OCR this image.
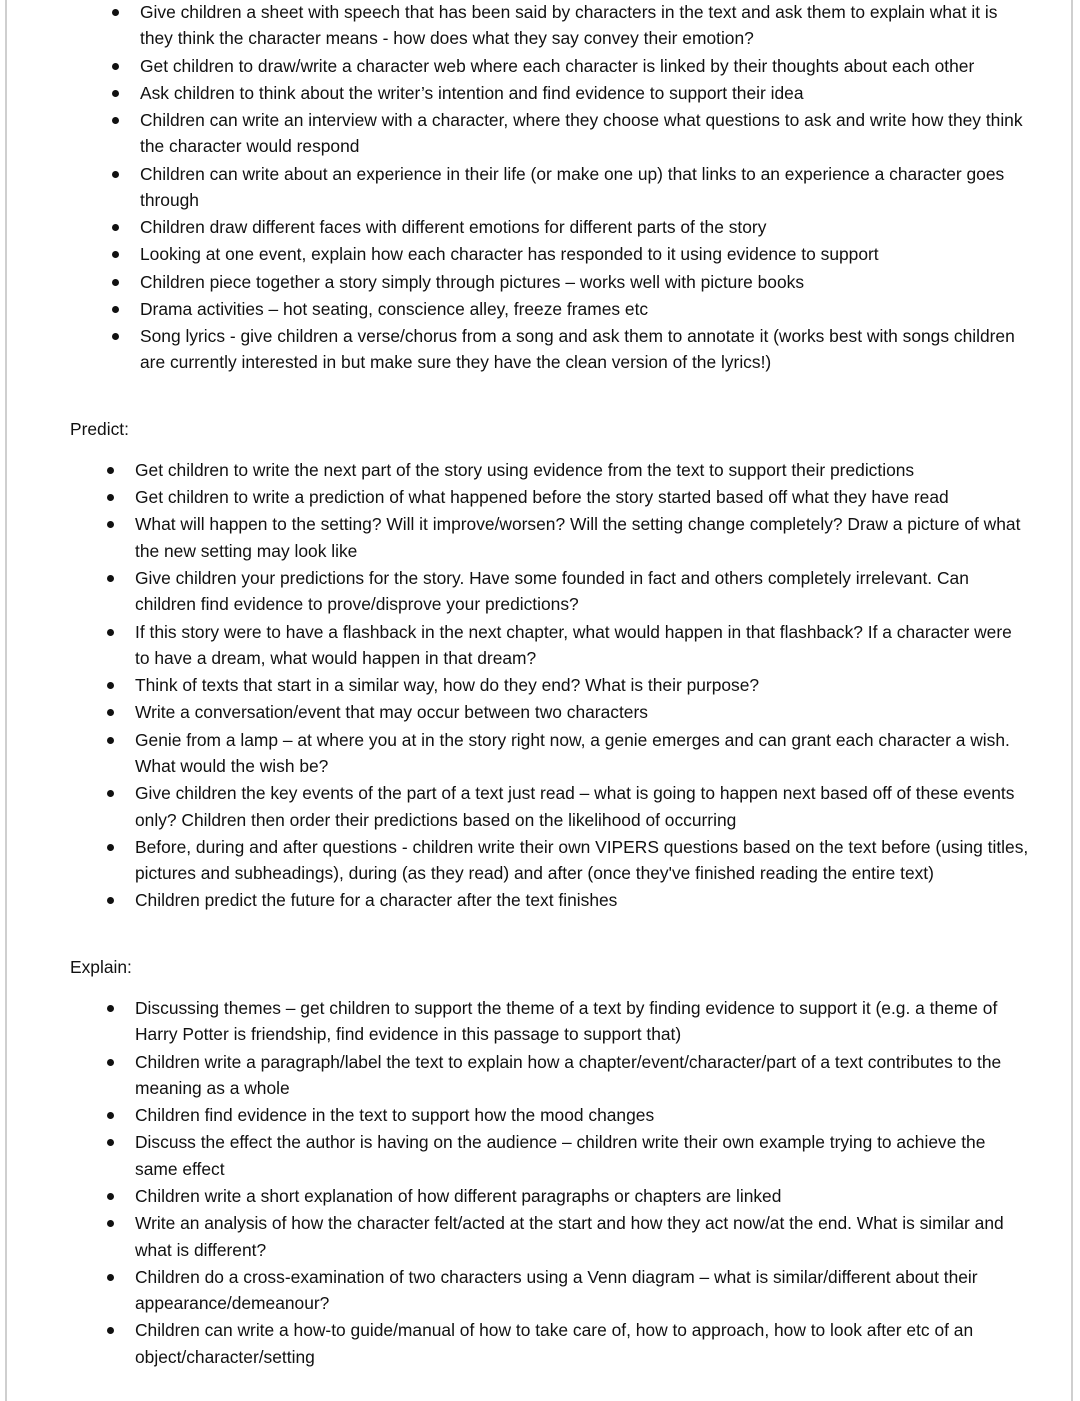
Give children a sheet with speech that has been said by characters in the text and ask them to explain what it is they think the character means - how does what they say convey their emotion?
Get children to draw/write a character web where each character is linked by their thoughts about each other
Ask children to think about the writer’s intention and find evidence to support their idea
Children can write an interview with a character, where they choose what questions to ask and write how they think the character would respond
Children can write about an experience in their life (or make one up) that links to an experience a character goes through
Children draw different faces with different emotions for different parts of the story
Looking at one event, explain how each character has responded to it using evidence to support
Children piece together a story simply through pictures – works well with picture books
Drama activities – hot seating, conscience alley, freeze frames etc
Song lyrics - give children a verse/chorus from a song and ask them to annotate it (works best with songs children are currently interested in but make sure they have the clean version of the lyrics!)

Predict:

Get children to write the next part of the story using evidence from the text to support their predictions
Get children to write a prediction of what happened before the story started based off what they have read
What will happen to the setting? Will it improve/worsen? Will the setting change completely? Draw a picture of what the new setting may look like
Give children your predictions for the story. Have some founded in fact and others completely irrelevant. Can children find evidence to prove/disprove your predictions?
If this story were to have a flashback in the next chapter, what would happen in that flashback? If a character were to have a dream, what would happen in that dream?
Think of texts that start in a similar way, how do they end? What is their purpose?
Write a conversation/event that may occur between two characters
Genie from a lamp – at where you at in the story right now, a genie emerges and can grant each character a wish. What would the wish be?
Give children the key events of the part of a text just read – what is going to happen next based off of these events only? Children then order their predictions based on the likelihood of occurring
Before, during and after questions - children write their own VIPERS questions based on the text before (using titles, pictures and subheadings), during (as they read) and after (once they've finished reading the entire text)
Children predict the future for a character after the text finishes

Explain:

Discussing themes – get children to support the theme of a text by finding evidence to support it (e.g. a theme of Harry Potter is friendship, find evidence in this passage to support that)
Children write a paragraph/label the text to explain how a chapter/event/character/part of a text contributes to the meaning as a whole
Children find evidence in the text to support how the mood changes
Discuss the effect the author is having on the audience – children write their own example trying to achieve the same effect
Children write a short explanation of how different paragraphs or chapters are linked
Write an analysis of how the character felt/acted at the start and how they act now/at the end. What is similar and what is different?
Children do a cross-examination of two characters using a Venn diagram – what is similar/different about their appearance/demeanour?
Children can write a how-to guide/manual of how to take care of, how to approach, how to look after etc of an object/character/setting
